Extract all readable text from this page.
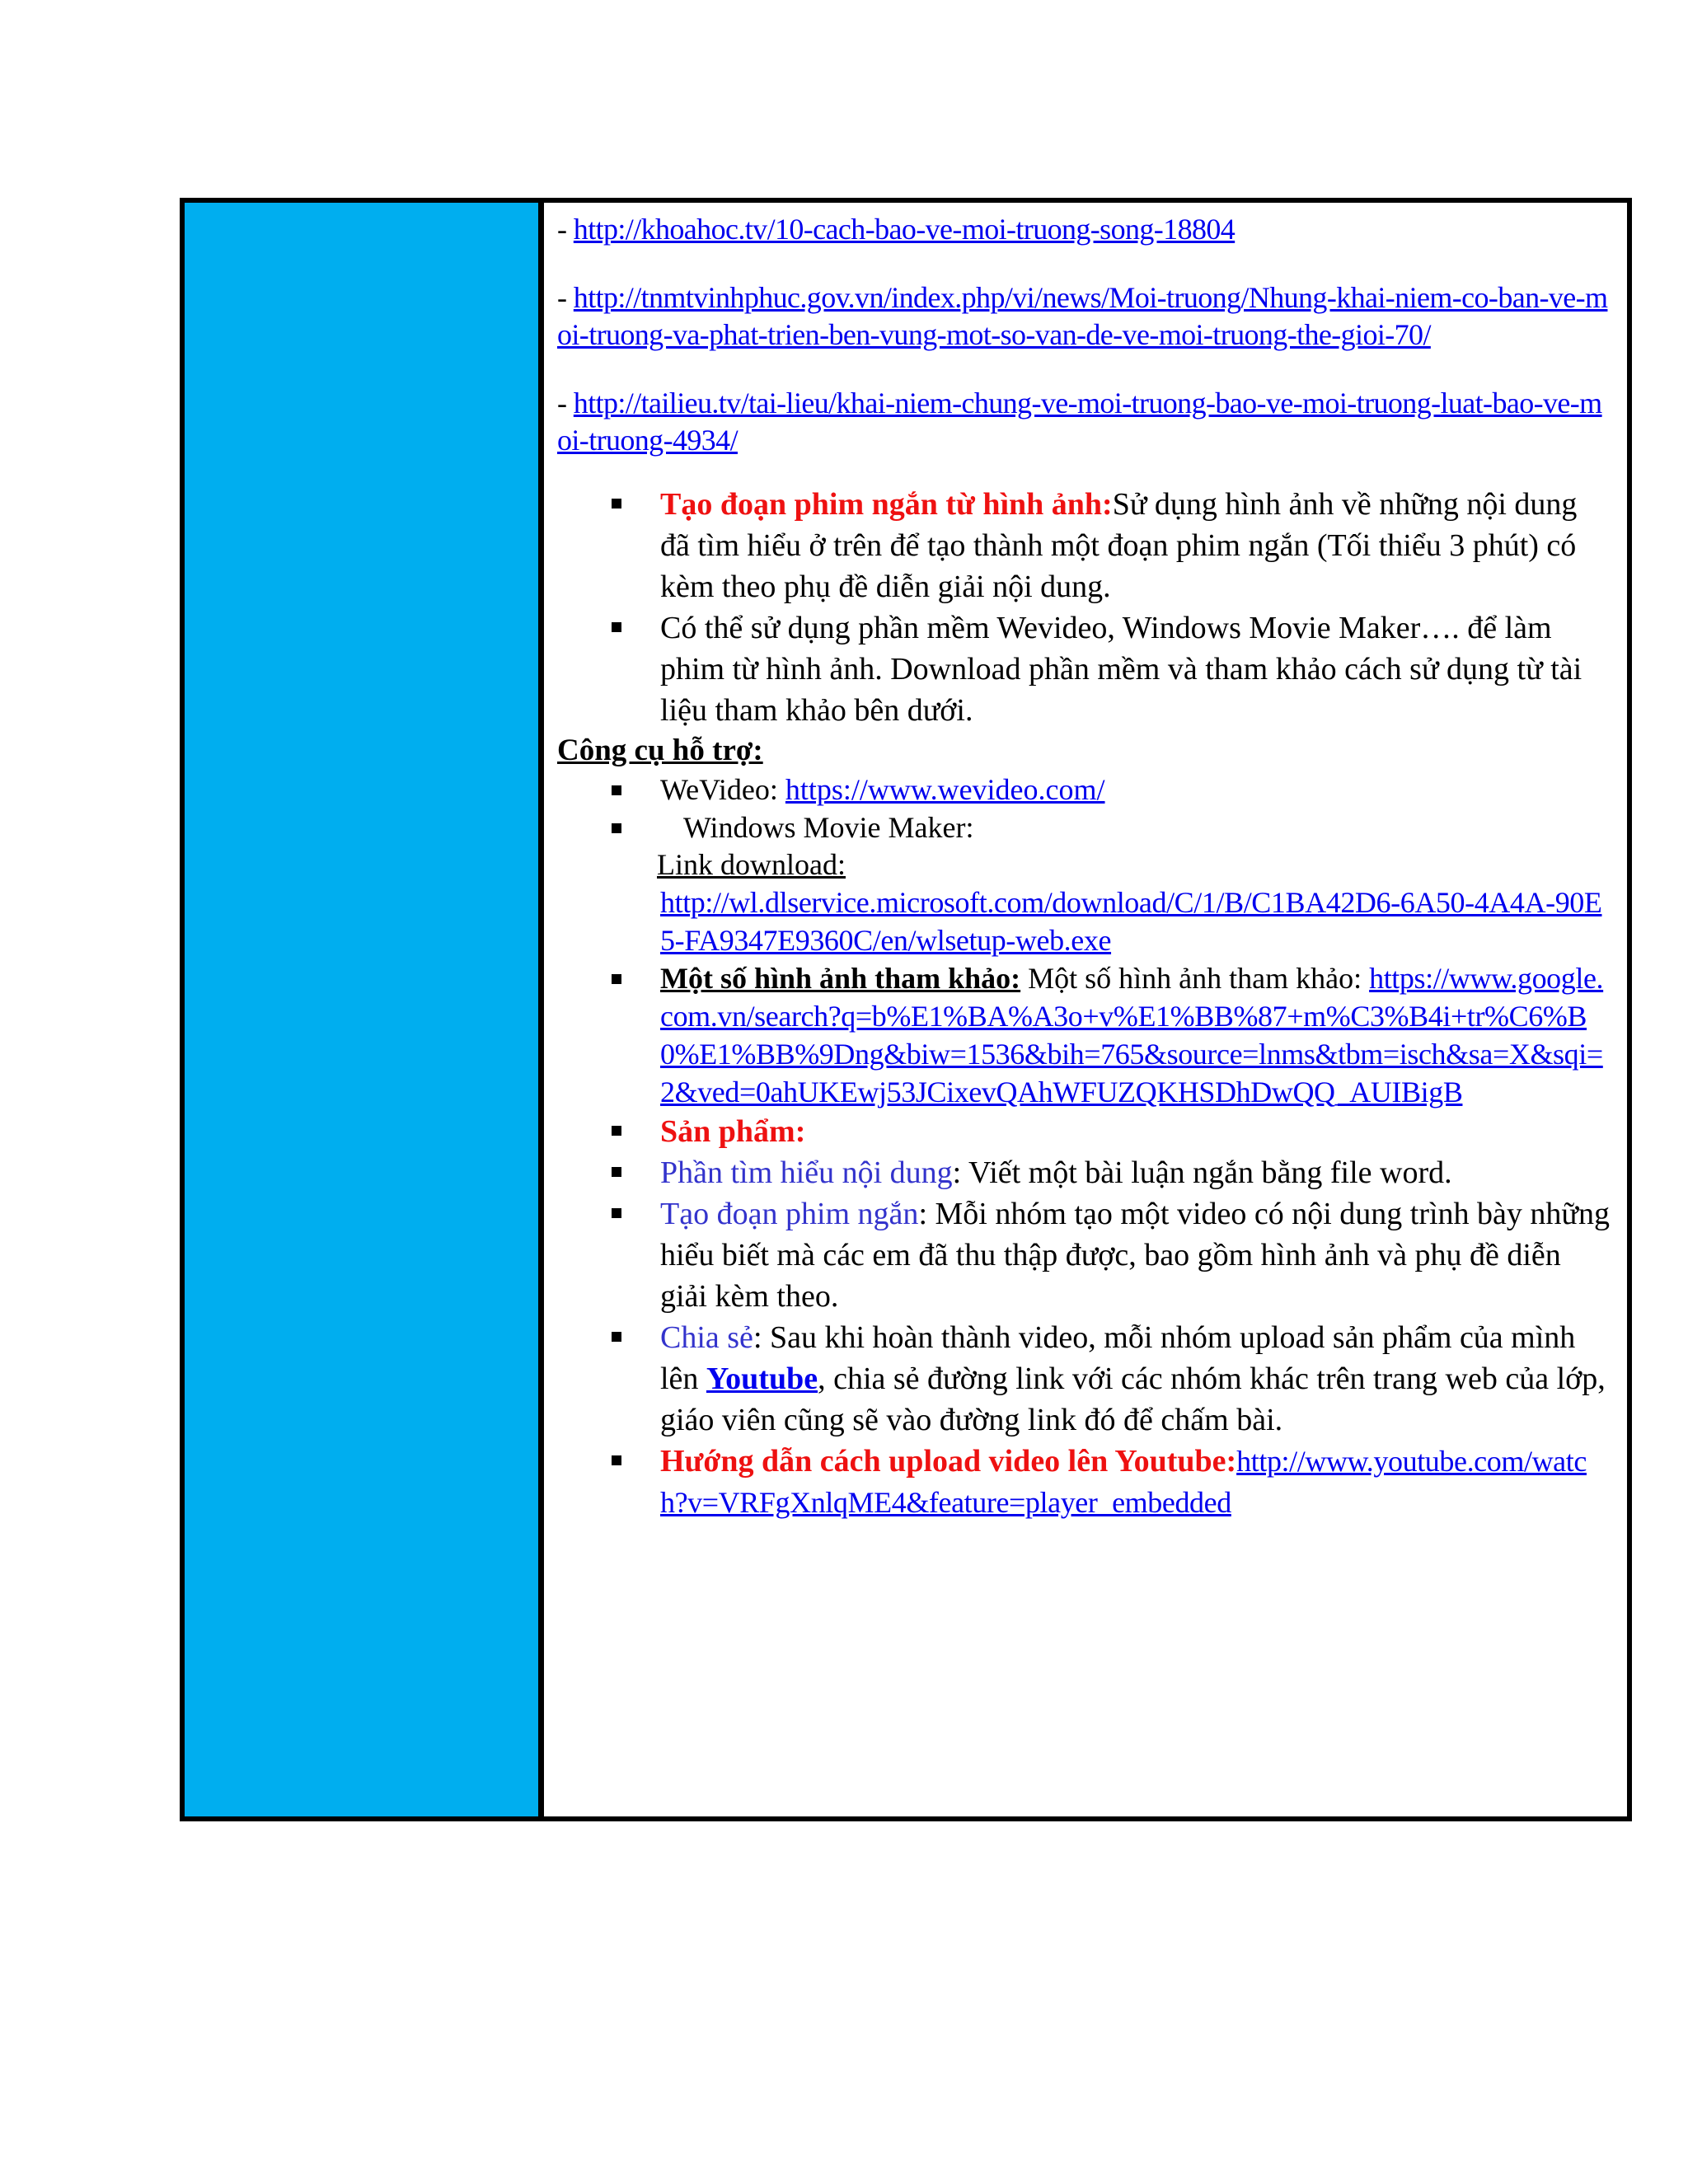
- http://khoahoc.tv/10-cach-bao-ve-moi-truong-song-18804

- http://tnmtvinhphuc.gov.vn/index.php/vi/news/Moi-truong/Nhung-khai-niem-co-ban-ve-moi-truong-va-phat-trien-ben-vung-mot-so-van-de-ve-moi-truong-the-gioi-70/

- http://tailieu.tv/tai-lieu/khai-niem-chung-ve-moi-truong-bao-ve-moi-truong-luat-bao-ve-moi-truong-4934/

Tạo đoạn phim ngắn từ hình ảnh:Sử dụng hình ảnh về những nội dung đã tìm hiểu ở trên để tạo thành một đoạn phim ngắn (Tối thiểu 3 phút) có kèm theo phụ đề diễn giải nội dung.
Có thể sử dụng phần mềm Wevideo, Windows Movie Maker…. để làm phim từ hình ảnh. Download phần mềm và tham khảo cách sử dụng từ tài liệu tham khảo bên dưới.

Công cụ hỗ trợ:

WeVideo: https://www.wevideo.com/
Windows Movie Maker:
Link download:
http://wl.dlservice.microsoft.com/download/C/1/B/C1BA42D6-6A50-4A4A-90E5-FA9347E9360C/en/wlsetup-web.exe
Một số hình ảnh tham khảo: Một số hình ảnh tham khảo: https://www.google.com.vn/search?q=b%E1%BA%A3o+v%E1%BB%87+m%C3%B4i+tr%C6%B0%E1%BB%9Dng&biw=1536&bih=765&source=lnms&tbm=isch&sa=X&sqi=2&ved=0ahUKEwj53JCixevQAhWFUZQKHSDhDwQQ_AUIBigB
Sản phẩm:
Phần tìm hiểu nội dung: Viết một bài luận ngắn bằng file word.
Tạo đoạn phim ngắn: Mỗi nhóm tạo một video có nội dung trình bày những hiểu biết mà các em đã thu thập được, bao gồm hình ảnh và phụ đề diễn giải kèm theo.
Chia sẻ: Sau khi hoàn thành video, mỗi nhóm upload sản phẩm của mình lên Youtube, chia sẻ đường link với các nhóm khác trên trang web của lớp, giáo viên cũng sẽ vào đường link đó để chấm bài.
Hướng dẫn cách upload video lên Youtube:http://www.youtube.com/watch?v=VRFgXnlqME4&feature=player_embedded
